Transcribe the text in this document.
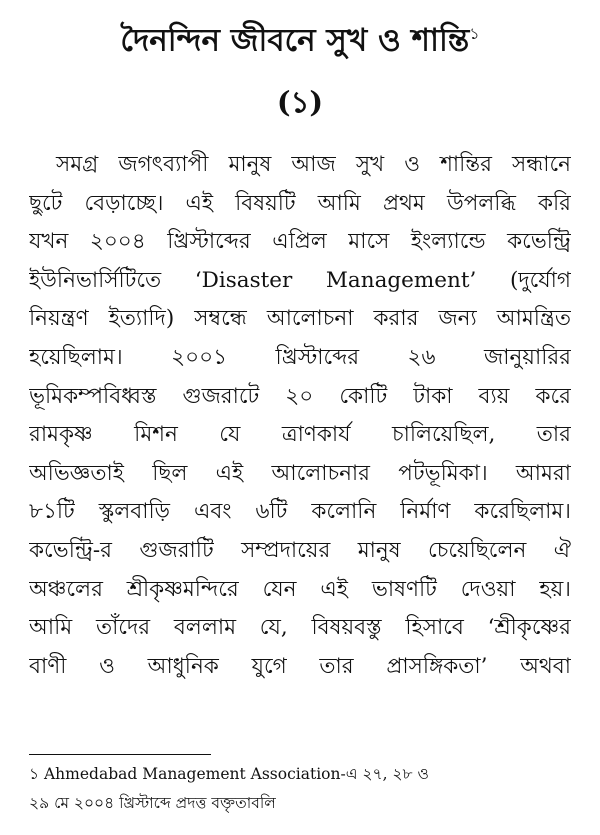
দৈনন্দিন জীবনে সুখ ও শান্তি$^১$
(১)
সমগ্র জগৎব্যাপী মানুষ আজ সুখ ও শান্তির সন্ধানে
ছুটে বেড়াচ্ছে। এই বিষয়টি আমি প্রথম উপলব্ধি করি
যখন ২০০৪ খ্রিস্টাব্দের এপ্রিল মাসে ইংল্যান্ডে কভেন্ট্রি
ইউনিভার্সিটিতে ‘Disaster Management’ (দুর্যোগ
নিয়ন্ত্রণ ইত্যাদি) সম্বন্ধে আলোচনা করার জন্য আমন্ত্রিত
হয়েছিলাম। ২০০১ খ্রিস্টাব্দের ২৬ জানুয়ারির
ভূমিকম্পবিধ্বস্ত গুজরাটে ২০ কোটি টাকা ব্যয় করে
রামকৃষ্ণ মিশন যে ত্রাণকার্য চালিয়েছিল, তার
অভিজ্ঞতাই ছিল এই আলোচনার পটভূমিকা। আমরা
৮১টি স্কুলবাড়ি এবং ৬টি কলোনি নির্মাণ করেছিলাম।
কভেন্ট্রি-র গুজরাটি সম্প্রদায়ের মানুষ চেয়েছিলেন ঐ
অঞ্চলের শ্রীকৃষ্ণমন্দিরে যেন এই ভাষণটি দেওয়া হয়।
আমি তাঁদের বললাম যে, বিষয়বস্তু হিসাবে ‘শ্রীকৃষ্ণের
বাণী ও আধুনিক যুগে তার প্রাসঙ্গিকতা’ অথবা
১ Ahmedabad Management Association-এ ২৭, ২৮ ও
২৯ মে ২০০৪ খ্রিস্টাব্দে প্রদত্ত বক্তৃতাবলি
